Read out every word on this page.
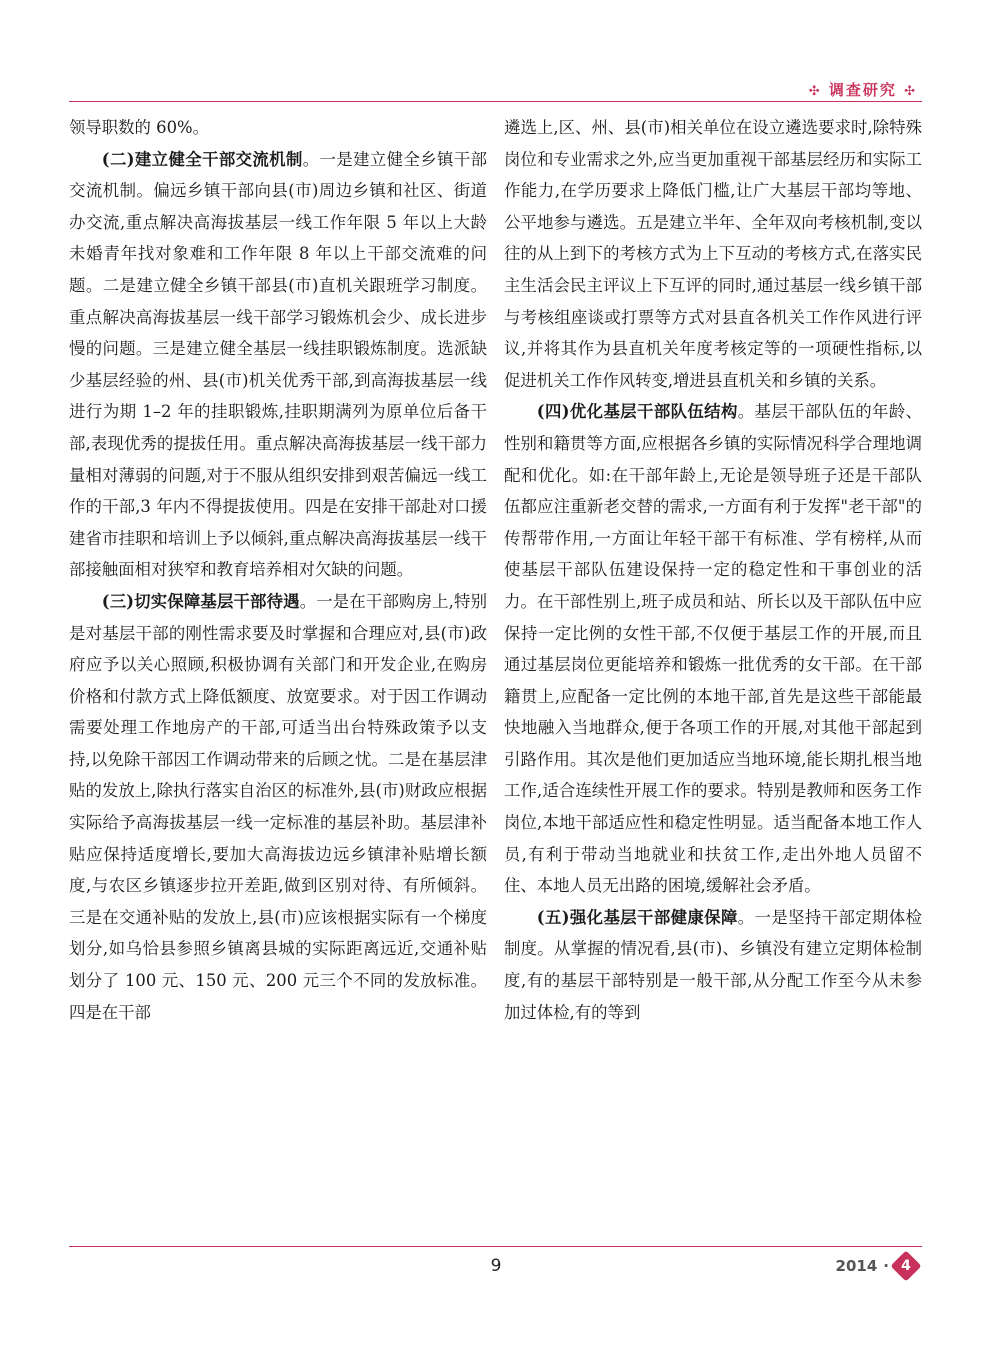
✣ 调查研究 ✣

领导职数的 60%。

(二)建立健全干部交流机制。一是建立健全乡镇干部交流机制。偏远乡镇干部向县(市)周边乡镇和社区、街道办交流,重点解决高海拔基层一线工作年限 5 年以上大龄未婚青年找对象难和工作年限 8 年以上干部交流难的问题。二是建立健全乡镇干部县(市)直机关跟班学习制度。重点解决高海拔基层一线干部学习锻炼机会少、成长进步慢的问题。三是建立健全基层一线挂职锻炼制度。选派缺少基层经验的州、县(市)机关优秀干部,到高海拔基层一线进行为期 1–2 年的挂职锻炼,挂职期满列为原单位后备干部,表现优秀的提拔任用。重点解决高海拔基层一线干部力量相对薄弱的问题,对于不服从组织安排到艰苦偏远一线工作的干部,3 年内不得提拔使用。四是在安排干部赴对口援建省市挂职和培训上予以倾斜,重点解决高海拔基层一线干部接触面相对狭窄和教育培养相对欠缺的问题。

(三)切实保障基层干部待遇。一是在干部购房上,特别是对基层干部的刚性需求要及时掌握和合理应对,县(市)政府应予以关心照顾,积极协调有关部门和开发企业,在购房价格和付款方式上降低额度、放宽要求。对于因工作调动需要处理工作地房产的干部,可适当出台特殊政策予以支持,以免除干部因工作调动带来的后顾之忧。二是在基层津贴的发放上,除执行落实自治区的标准外,县(市)财政应根据实际给予高海拔基层一线一定标准的基层补助。基层津补贴应保持适度增长,要加大高海拔边远乡镇津补贴增长额度,与农区乡镇逐步拉开差距,做到区别对待、有所倾斜。三是在交通补贴的发放上,县(市)应该根据实际有一个梯度划分,如乌恰县参照乡镇离县城的实际距离远近,交通补贴划分了 100 元、150 元、200 元三个不同的发放标准。四是在干部

遴选上,区、州、县(市)相关单位在设立遴选要求时,除特殊岗位和专业需求之外,应当更加重视干部基层经历和实际工作能力,在学历要求上降低门槛,让广大基层干部均等地、公平地参与遴选。五是建立半年、全年双向考核机制,变以往的从上到下的考核方式为上下互动的考核方式,在落实民主生活会民主评议上下互评的同时,通过基层一线乡镇干部与考核组座谈或打票等方式对县直各机关工作作风进行评议,并将其作为县直机关年度考核定等的一项硬性指标,以促进机关工作作风转变,增进县直机关和乡镇的关系。

(四)优化基层干部队伍结构。基层干部队伍的年龄、性别和籍贯等方面,应根据各乡镇的实际情况科学合理地调配和优化。如:在干部年龄上,无论是领导班子还是干部队伍都应注重新老交替的需求,一方面有利于发挥"老干部"的传帮带作用,一方面让年轻干部干有标准、学有榜样,从而使基层干部队伍建设保持一定的稳定性和干事创业的活力。在干部性别上,班子成员和站、所长以及干部队伍中应保持一定比例的女性干部,不仅便于基层工作的开展,而且通过基层岗位更能培养和锻炼一批优秀的女干部。在干部籍贯上,应配备一定比例的本地干部,首先是这些干部能最快地融入当地群众,便于各项工作的开展,对其他干部起到引路作用。其次是他们更加适应当地环境,能长期扎根当地工作,适合连续性开展工作的要求。特别是教师和医务工作岗位,本地干部适应性和稳定性明显。适当配备本地工作人员,有利于带动当地就业和扶贫工作,走出外地人员留不住、本地人员无出路的困境,缓解社会矛盾。

(五)强化基层干部健康保障。一是坚持干部定期体检制度。从掌握的情况看,县(市)、乡镇没有建立定期体检制度,有的基层干部特别是一般干部,从分配工作至今从未参加过体检,有的等到

9	2014 · 4
